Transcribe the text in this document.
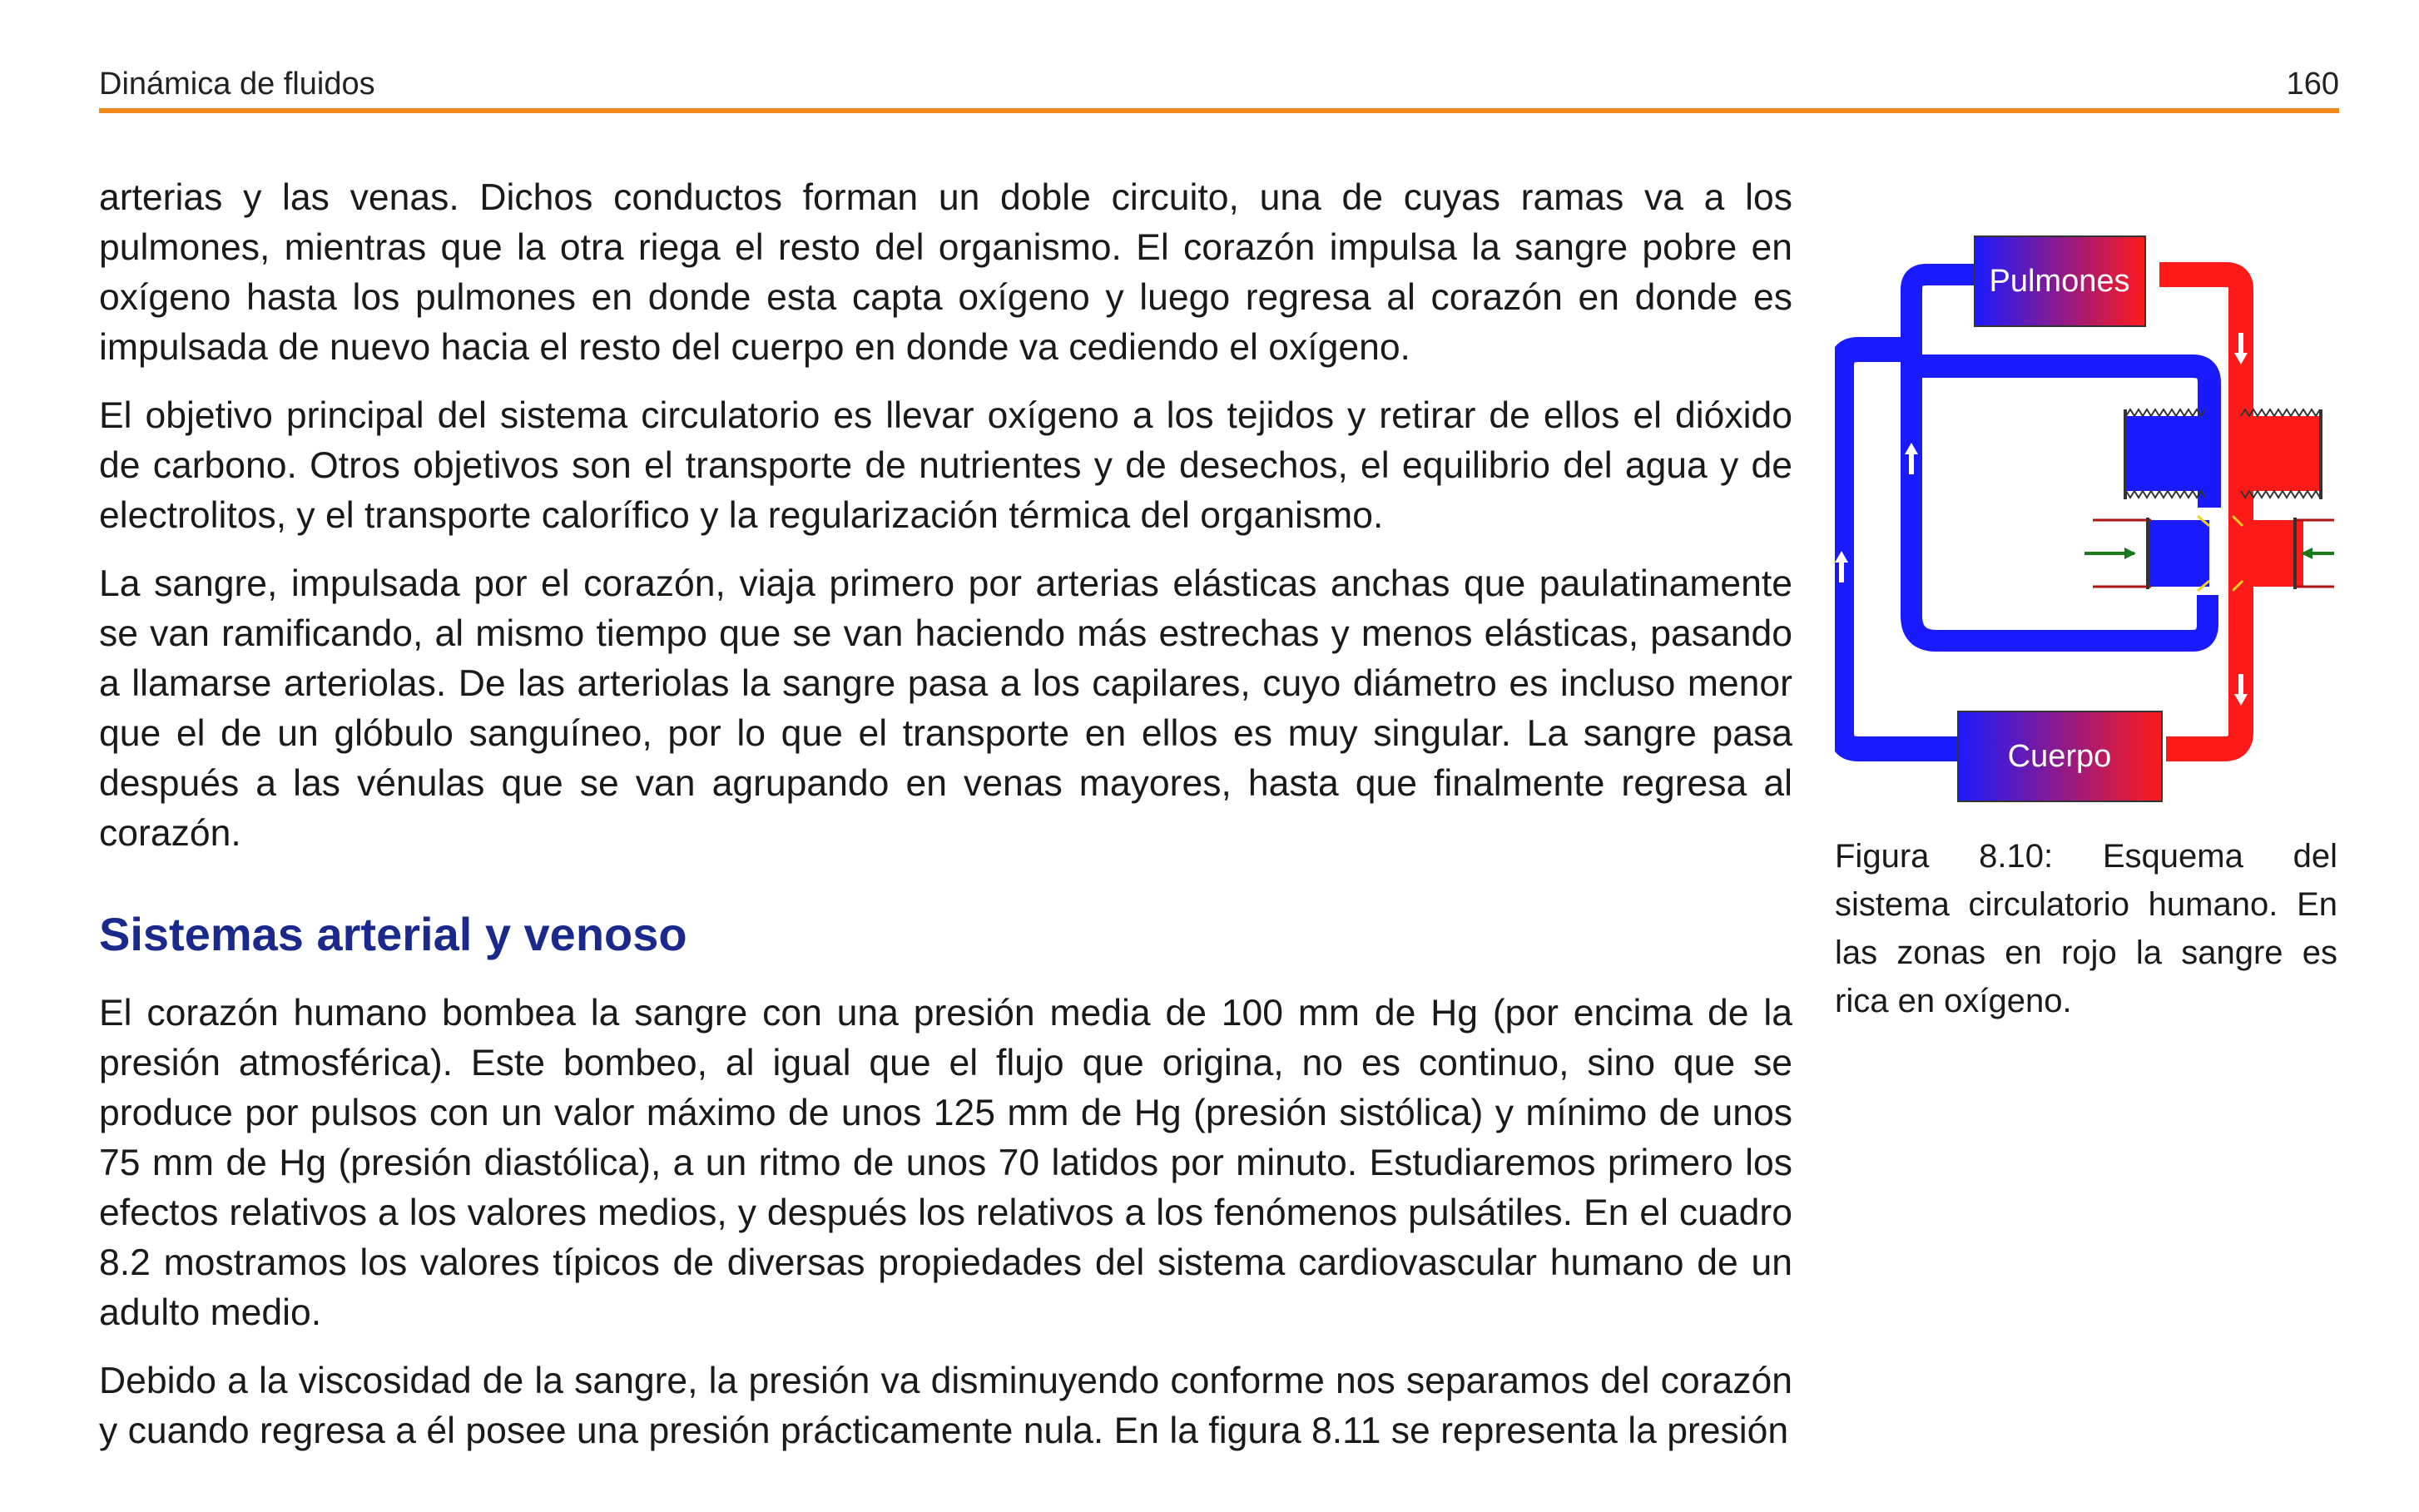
Dinámica de fluidos	160

arterias y las venas. Dichos conductos forman un doble circuito, una de cuyas ramas va a los pulmones, mientras que la otra riega el resto del organismo. El corazón impulsa la sangre pobre en oxígeno hasta los pulmones en donde esta capta oxígeno y luego regresa al corazón en donde es impulsada de nuevo hacia el resto del cuerpo en donde va cediendo el oxígeno.

El objetivo principal del sistema circulatorio es llevar oxígeno a los tejidos y retirar de ellos el dióxido de carbono. Otros objetivos son el transporte de nutrientes y de desechos, el equilibrio del agua y de electrolitos, y el transporte calorífico y la regularización térmica del organismo.

La sangre, impulsada por el corazón, viaja primero por arterias elásticas anchas que paulatinamente se van ramificando, al mismo tiempo que se van haciendo más estrechas y menos elásticas, pasando a llamarse arteriolas. De las arteriolas la sangre pasa a los capilares, cuyo diámetro es incluso menor que el de un glóbulo sanguíneo, por lo que el transporte en ellos es muy singular. La sangre pasa después a las vénulas que se van agrupando en venas mayores, hasta que finalmente regresa al corazón.

Sistemas arterial y venoso

El corazón humano bombea la sangre con una presión media de 100 mm de Hg (por encima de la presión atmosférica). Este bombeo, al igual que el flujo que origina, no es continuo, sino que se produce por pulsos con un valor máximo de unos 125 mm de Hg (presión sistólica) y mínimo de unos 75 mm de Hg (presión diastólica), a un ritmo de unos 70 latidos por minuto. Estudiaremos primero los efectos relativos a los valores medios, y después los relativos a los fenómenos pulsátiles. En el cuadro 8.2 mostramos los valores típicos de diversas propiedades del sistema cardiovascular humano de un adulto medio.

Debido a la viscosidad de la sangre, la presión va disminuyendo conforme nos separamos del corazón y cuando regresa a él posee una presión prácticamente nula. En la figura 8.11 se representa la presión

Pulmones
Cuerpo
Figura 8.10: Esquema del sistema circulatorio humano. En las zonas en rojo la sangre es rica en oxígeno.
